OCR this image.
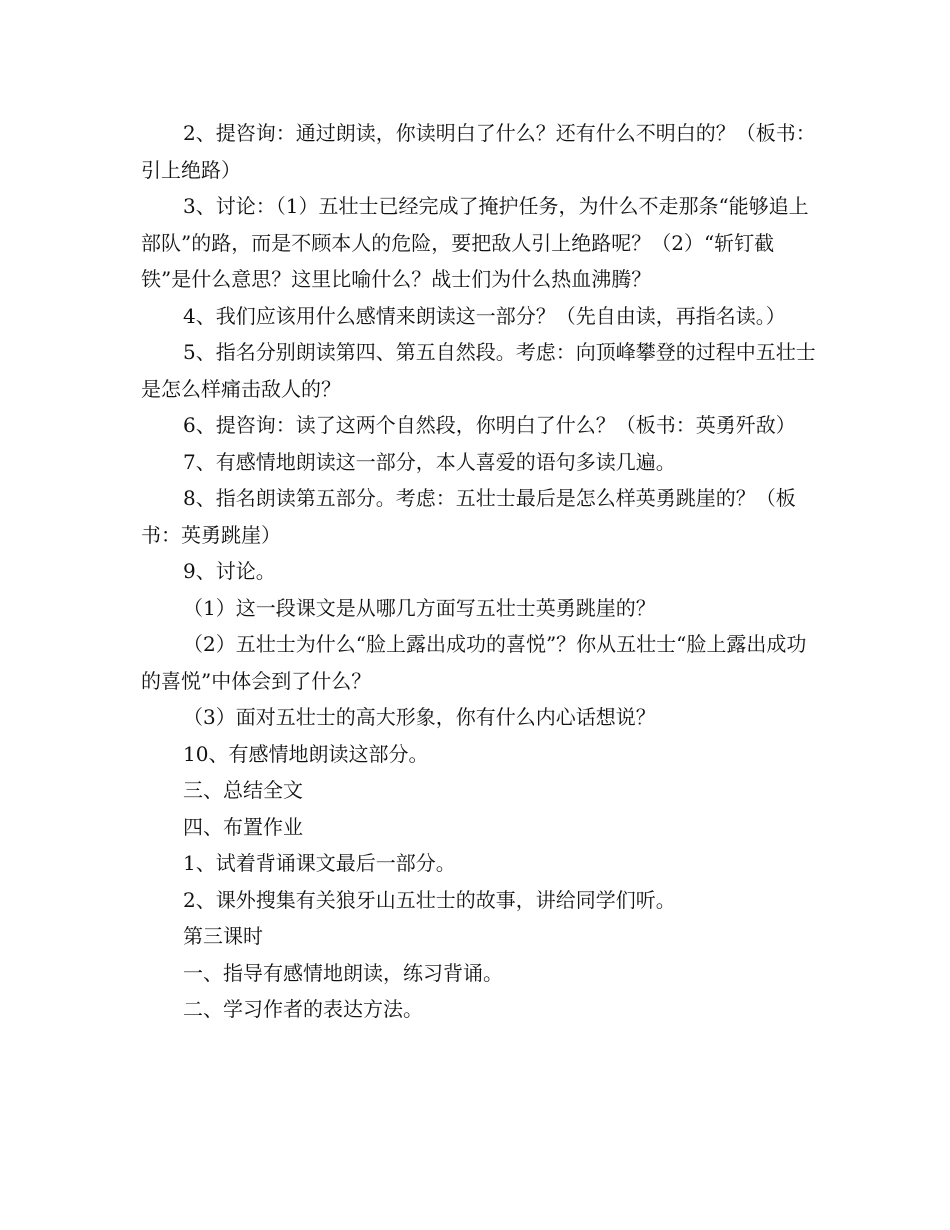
2、提咨询：通过朗读，你读明白了什么？还有什么不明白的？（板书：引上绝路）

3、讨论：（1）五壮士已经完成了掩护任务，为什么不走那条“能够追上部队”的路，而是不顾本人的危险，要把敌人引上绝路呢？（2）“斩钉截铁”是什么意思？这里比喻什么？战士们为什么热血沸腾？

4、我们应该用什么感情来朗读这一部分？（先自由读，再指名读。）

5、指名分别朗读第四、第五自然段。考虑：向顶峰攀登的过程中五壮士是怎么样痛击敌人的？

6、提咨询：读了这两个自然段，你明白了什么？（板书：英勇歼敌）

7、有感情地朗读这一部分，本人喜爱的语句多读几遍。

8、指名朗读第五部分。考虑：五壮士最后是怎么样英勇跳崖的？（板书：英勇跳崖）

9、讨论。

（1）这一段课文是从哪几方面写五壮士英勇跳崖的？

（2）五壮士为什么“脸上露出成功的喜悦”？你从五壮士“脸上露出成功的喜悦”中体会到了什么？

（3）面对五壮士的高大形象，你有什么内心话想说？

10、有感情地朗读这部分。

三、总结全文

四、布置作业

1、试着背诵课文最后一部分。

2、课外搜集有关狼牙山五壮士的故事，讲给同学们听。

第三课时

一、指导有感情地朗读，练习背诵。

二、学习作者的表达方法。
